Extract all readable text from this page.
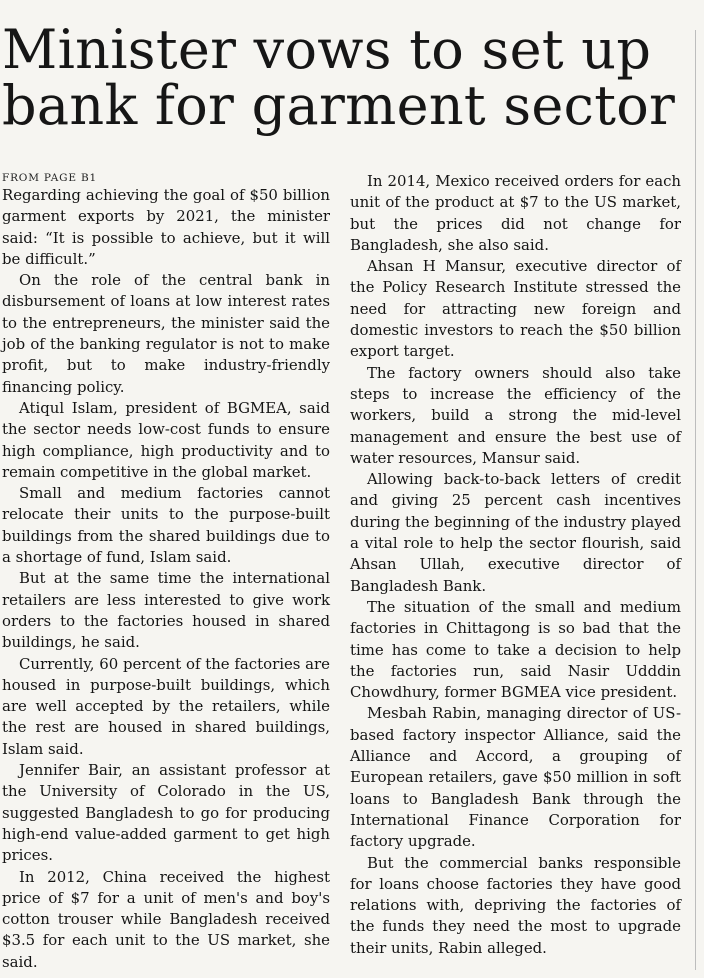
Minister vows to set up bank for garment sector
FROM PAGE B1

Regarding achieving the goal of $50 billion garment exports by 2021, the minister said: “It is possible to achieve, but it will be difficult.”

On the role of the central bank in disbursement of loans at low interest rates to the entrepreneurs, the minister said the job of the banking regulator is not to make profit, but to make industry-friendly financing policy.

Atiqul Islam, president of BGMEA, said the sector needs low-cost funds to ensure high compliance, high productivity and to remain competitive in the global market.

Small and medium factories cannot relocate their units to the purpose-built buildings from the shared buildings due to a shortage of fund, Islam said.

But at the same time the international retailers are less interested to give work orders to the factories housed in shared buildings, he said.

Currently, 60 percent of the factories are housed in purpose-built buildings, which are well accepted by the retailers, while the rest are housed in shared buildings, Islam said.

Jennifer Bair, an assistant professor at the University of Colorado in the US, suggested Bangladesh to go for producing high-end value-added garment to get high prices.

In 2012, China received the highest price of $7 for a unit of men's and boy's cotton trouser while Bangladesh received $3.5 for each unit to the US market, she said.

In 2014, Mexico received orders for each unit of the product at $7 to the US market, but the prices did not change for Bangladesh, she also said.

Ahsan H Mansur, executive director of the Policy Research Institute stressed the need for attracting new foreign and domestic investors to reach the $50 billion export target.

The factory owners should also take steps to increase the efficiency of the workers, build a strong the mid-level management and ensure the best use of water resources, Mansur said.

Allowing back-to-back letters of credit and giving 25 percent cash incentives during the beginning of the industry played a vital role to help the sector flourish, said Ahsan Ullah, executive director of Bangladesh Bank.

The situation of the small and medium factories in Chittagong is so bad that the time has come to take a decision to help the factories run, said Nasir Udddin Chowdhury, former BGMEA vice president.

Mesbah Rabin, managing director of US-based factory inspector Alliance, said the Alliance and Accord, a grouping of European retailers, gave $50 million in soft loans to Bangladesh Bank through the International Finance Corporation for factory upgrade.

But the commercial banks responsible for loans choose factories they have good relations with, depriving the factories of the funds they need the most to upgrade their units, Rabin alleged.
